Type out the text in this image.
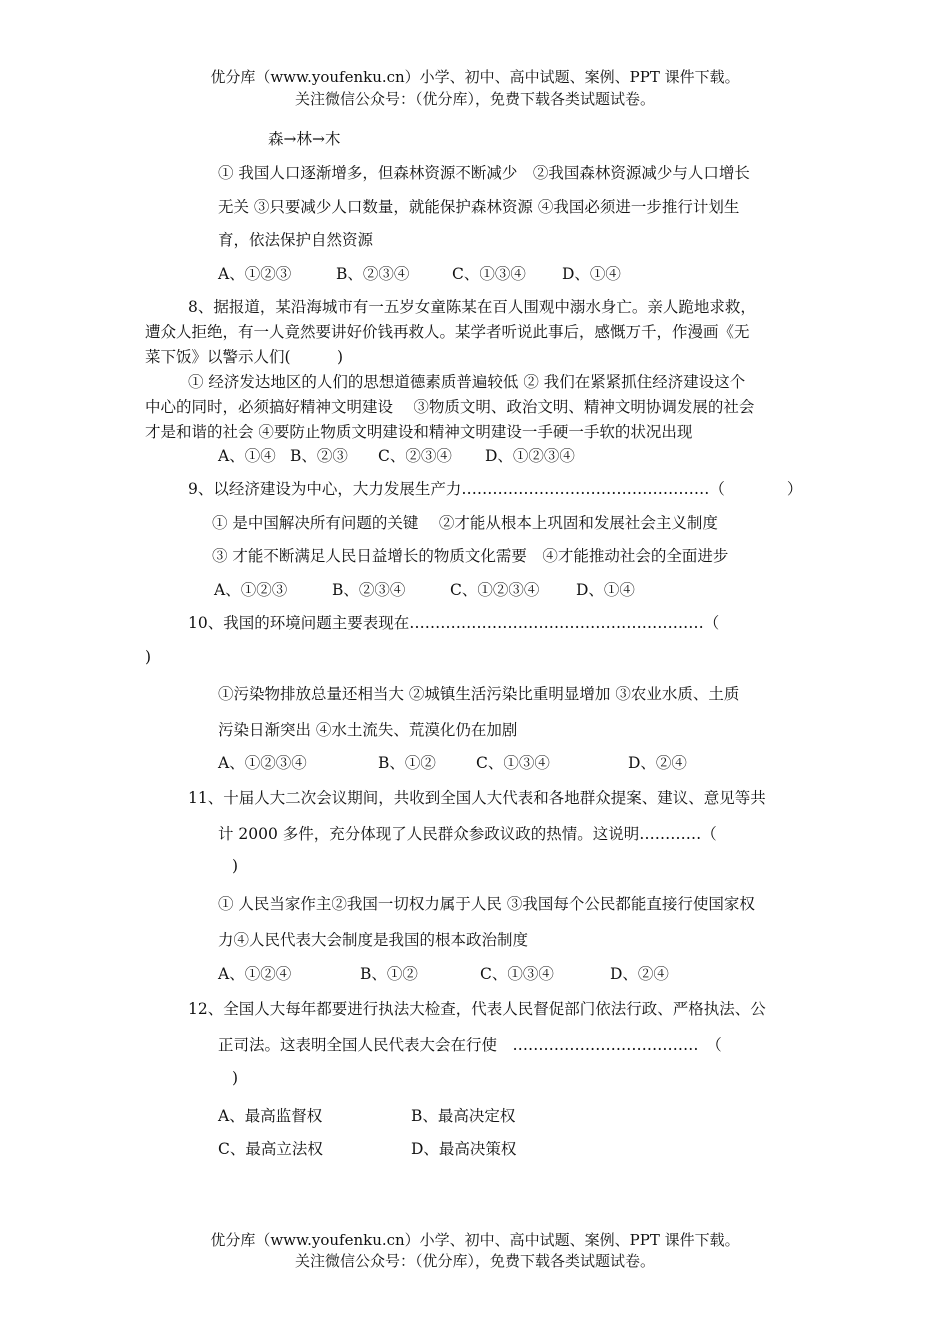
优分库（www.youfenku.cn）小学、初中、高中试题、案例、PPT 课件下载。
关注微信公众号：（优分库），免费下载各类试题试卷。
森→林→木
① 我国人口逐渐增多，但森林资源不断减少　②我国森林资源减少与人口增长
无关 ③只要减少人口数量，就能保护森林资源 ④我国必须进一步推行计划生
育，依法保护自然资源
A、①②③	B、②③④	C、①③④ D、①④
8、据报道，某沿海城市有一五岁女童陈某在百人围观中溺水身亡。亲人跪地求救，
遭众人拒绝，有一人竟然要讲好价钱再救人。某学者听说此事后，感慨万千，作漫画《无
菜下饭》以警示人们(　　　)
① 经济发达地区的人们的思想道德素质普遍较低 ② 我们在紧紧抓住经济建设这个
中心的同时，必须搞好精神文明建设　 ③物质文明、政治文明、精神文明协调发展的社会
才是和谐的社会 ④要防止物质文明建设和精神文明建设一手硬一手软的状况出现
A、①④ B、②③ C、②③④ D、①②③④
9、以经济建设为中心，大力发展生产力…………………………………………（　　　　）
① 是中国解决所有问题的关键　 ②才能从根本上巩固和发展社会主义制度
③ 才能不断满足人民日益增长的物质文化需要　④才能推动社会的全面进步
A、①②③	B、②③④	C、①②③④ D、①④
10、我国的环境问题主要表现在…………………………………………………（
)
①污染物排放总量还相当大 ②城镇生活污染比重明显增加 ③农业水质、土质
污染日渐突出 ④水土流失、荒漠化仍在加剧
A、①②③④	B、①②	C、①③④	D、②④
11、十届人大二次会议期间，共收到全国人大代表和各地群众提案、建议、意见等共
计 2000 多件，充分体现了人民群众参政议政的热情。这说明…………（
)
① 人民当家作主②我国一切权力属于人民 ③我国每个公民都能直接行使国家权
力④人民代表大会制度是我国的根本政治制度
A、①②④	B、①②	C、①③④	D、②④
12、全国人大每年都要进行执法大检查，代表人民督促部门依法行政、严格执法、公
正司法。这表明全国人民代表大会在行使　………………………………　（
)
A、最高监督权	B、最高决定权
C、最高立法权	D、最高决策权
优分库（www.youfenku.cn）小学、初中、高中试题、案例、PPT 课件下载。
关注微信公众号：（优分库），免费下载各类试题试卷。
